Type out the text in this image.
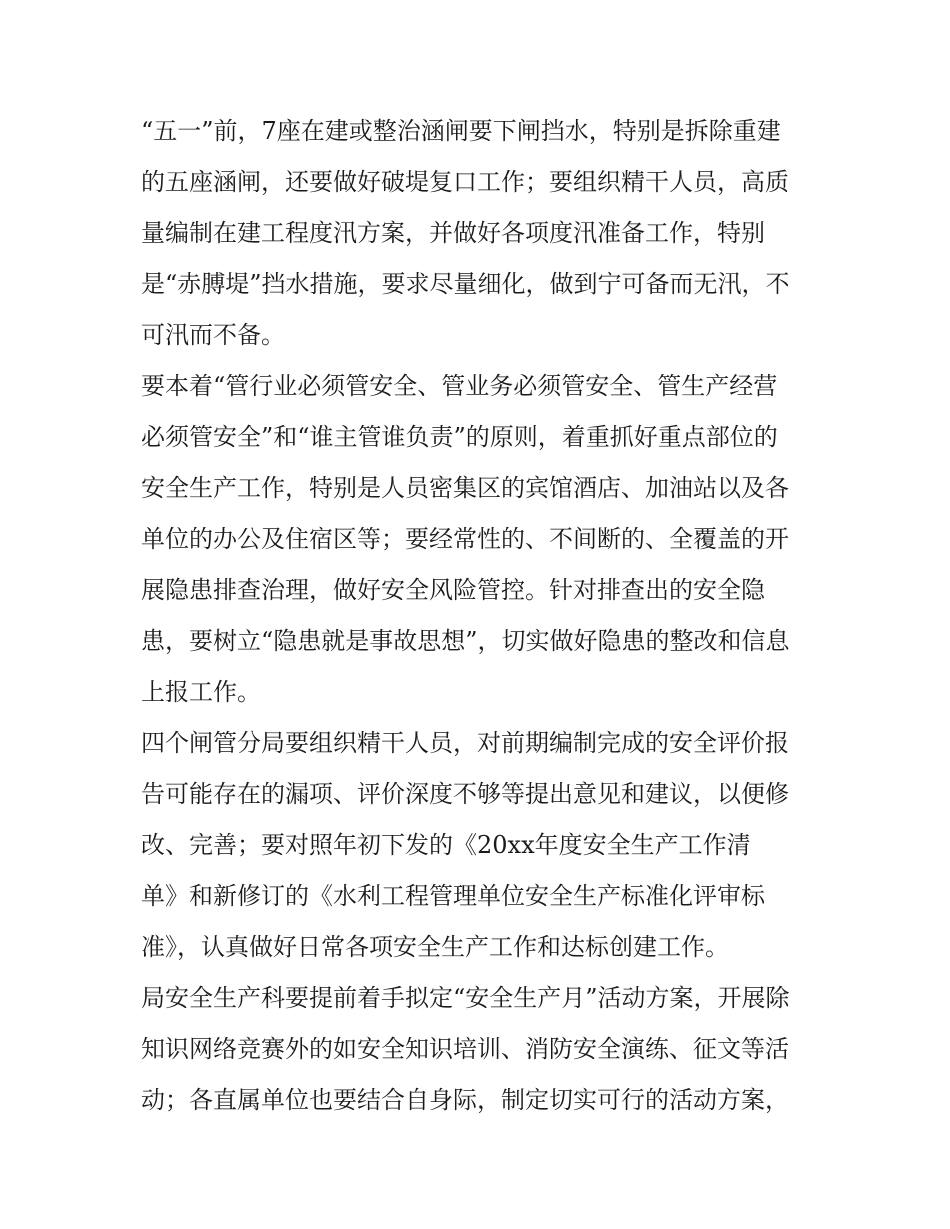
“五一”前，7座在建或整治涵闸要下闸挡水，特别是拆除重建
的五座涵闸，还要做好破堤复口工作；要组织精干人员，高质
量编制在建工程度汛方案，并做好各项度汛准备工作，特别
是“赤膊堤”挡水措施，要求尽量细化，做到宁可备而无汛，不
可汛而不备。

要本着“管行业必须管安全、管业务必须管安全、管生产经营
必须管安全”和“谁主管谁负责”的原则，着重抓好重点部位的
安全生产工作，特别是人员密集区的宾馆酒店、加油站以及各
单位的办公及住宿区等；要经常性的、不间断的、全覆盖的开
展隐患排查治理，做好安全风险管控。针对排查出的安全隐
患，要树立“隐患就是事故思想”，切实做好隐患的整改和信息
上报工作。

四个闸管分局要组织精干人员，对前期编制完成的安全评价报
告可能存在的漏项、评价深度不够等提出意见和建议，以便修
改、完善；要对照年初下发的《20xx年度安全生产工作清
单》和新修订的《水利工程管理单位安全生产标准化评审标
准》，认真做好日常各项安全生产工作和达标创建工作。

局安全生产科要提前着手拟定“安全生产月”活动方案，开展除
知识网络竞赛外的如安全知识培训、消防安全演练、征文等活
动；各直属单位也要结合自身际，制定切实可行的活动方案，
